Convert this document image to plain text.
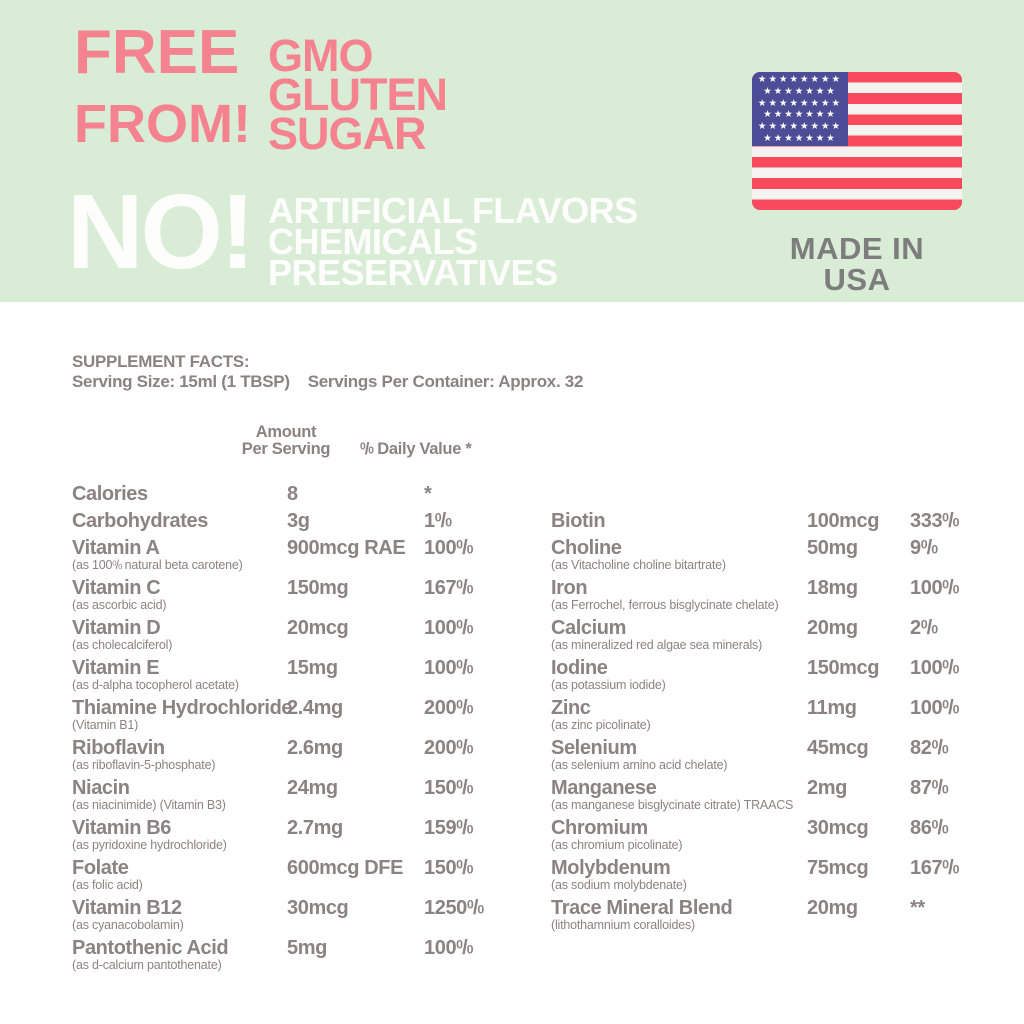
FREE
FROM!
GMO
GLUTEN
SUGAR
NO! ARTIFICIAL FLAVORS
CHEMICALS
PRESERVATIVES
★★★★★★★★
★★★★★★★
★★★★★★★★
★★★★★★★
★★★★★★★★
★★★★★★★
MADE IN USA
SUPPLEMENT FACTS:
Serving Size: 15ml (1 TBSP) Servings Per Container: Approx. 32
Amount
Per Serving	$^0$/0 Daily Value *
Calories	8	*
Carbohydrates	3g	$1^0/0$
Vitamin A
(as $100^0/0$ natural beta carotene)
900mcg RAE $100^0/0$
Vitamin C
(as ascorbic acid)
150mg	$167^0/0$
Vitamin D
(as cholecalciferol)
20mcg	$100^0/0$
Vitamin E
(as d-alpha tocopherol acetate)
15mg	$100^0/0$
Thiamine Hydrochloride
(Vitamin B1)
2.4mg	$200^0/0$
Riboflavin
(as riboflavin-5-phosphate)
2.6mg	$200^0/0$
Niacin
(as niacinimide) (Vitamin B3)
24mg	$150^0/0$
Vitamin B6
(as pyridoxine hydrochloride)
2.7mg	$159^0/0$
Folate
(as folic acid)
600mcg DFE	$150^0/0$
Vitamin B12
(as cyanacobolamin)
30mcg	1250$^0$/0
Pantothenic Acid
(as d-calcium pantothenate)
5mg	$100^0/0$
Biotin	100mcg	$333^0/0$
Choline
(as Vitacholine choline bitartrate)
50mg	$9^0/0$
Iron
(as Ferrochel, ferrous bisglycinate chelate)
18mg	$100^0/0$
Calcium
(as mineralized red algae sea minerals)
20mg	$2^0/0$
Iodine
(as potassium iodide)
150mcg	$100^0/0$
Zinc
(as zinc picolinate)
11mg	$100^0/0$
Selenium
(as selenium amino acid chelate)
45mcg	$82^0/0$
Manganese
(as manganese bisglycinate citrate) TRAACS
2mg	$87^0/0$
Chromium
(as chromium picolinate)
30mcg	$86^0/0$
Molybdenum
(as sodium molybdenate)
75mcg	$167^0/0$
Trace Mineral Blend
(lithothamnium coralloides)
20mg	**
